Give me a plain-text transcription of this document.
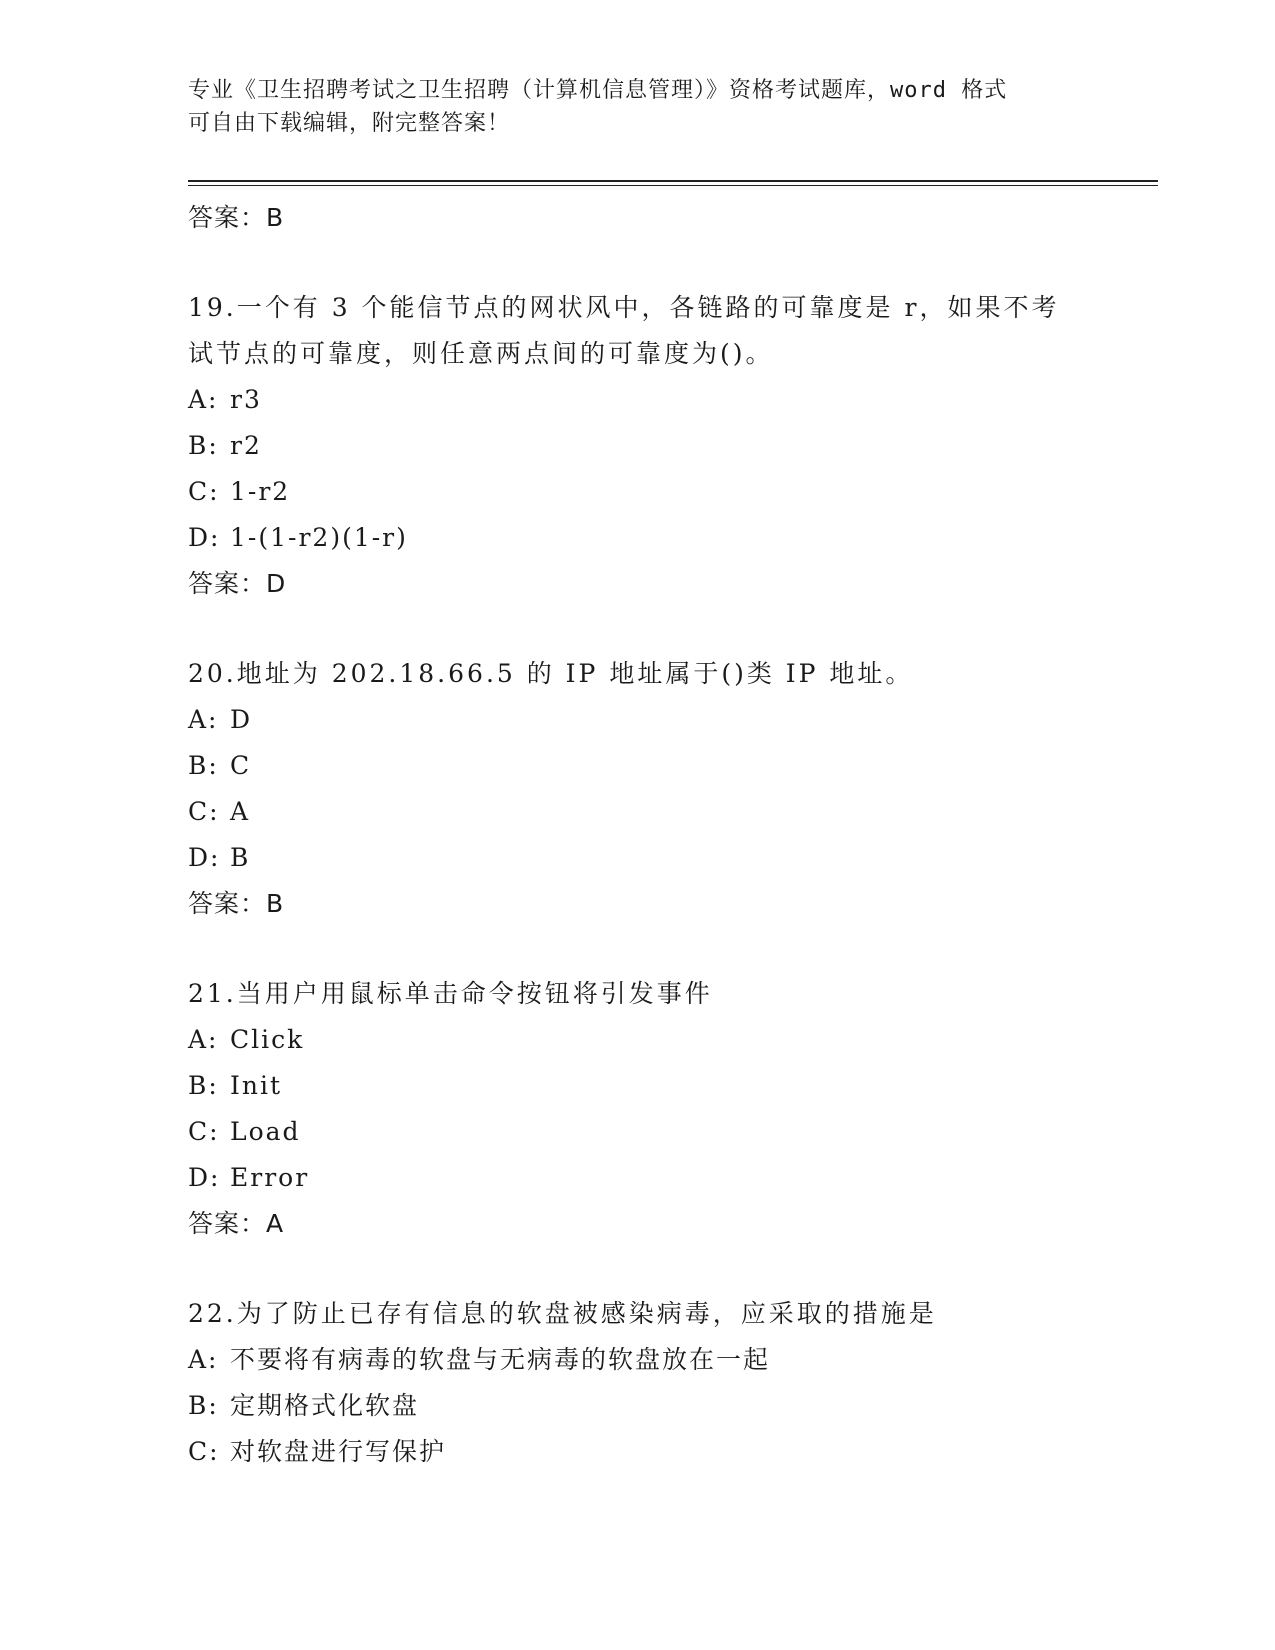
专业《卫生招聘考试之卫生招聘（计算机信息管理）》资格考试题库，word 格式
可自由下载编辑，附完整答案！
答案：B
19.一个有 3 个能信节点的网状风中，各链路的可靠度是 r，如果不考试节点的可靠度，则任意两点间的可靠度为()。
A: r3
B: r2
C: 1-r2
D: 1-(1-r2)(1-r)
答案：D
20.地址为 202.18.66.5 的 IP 地址属于()类 IP 地址。
A: D
B: C
C: A
D: B
答案：B
21.当用户用鼠标单击命令按钮将引发事件
A: Click
B: Init
C: Load
D: Error
答案：A
22.为了防止已存有信息的软盘被感染病毒，应采取的措施是
A: 不要将有病毒的软盘与无病毒的软盘放在一起
B: 定期格式化软盘
C: 对软盘进行写保护
